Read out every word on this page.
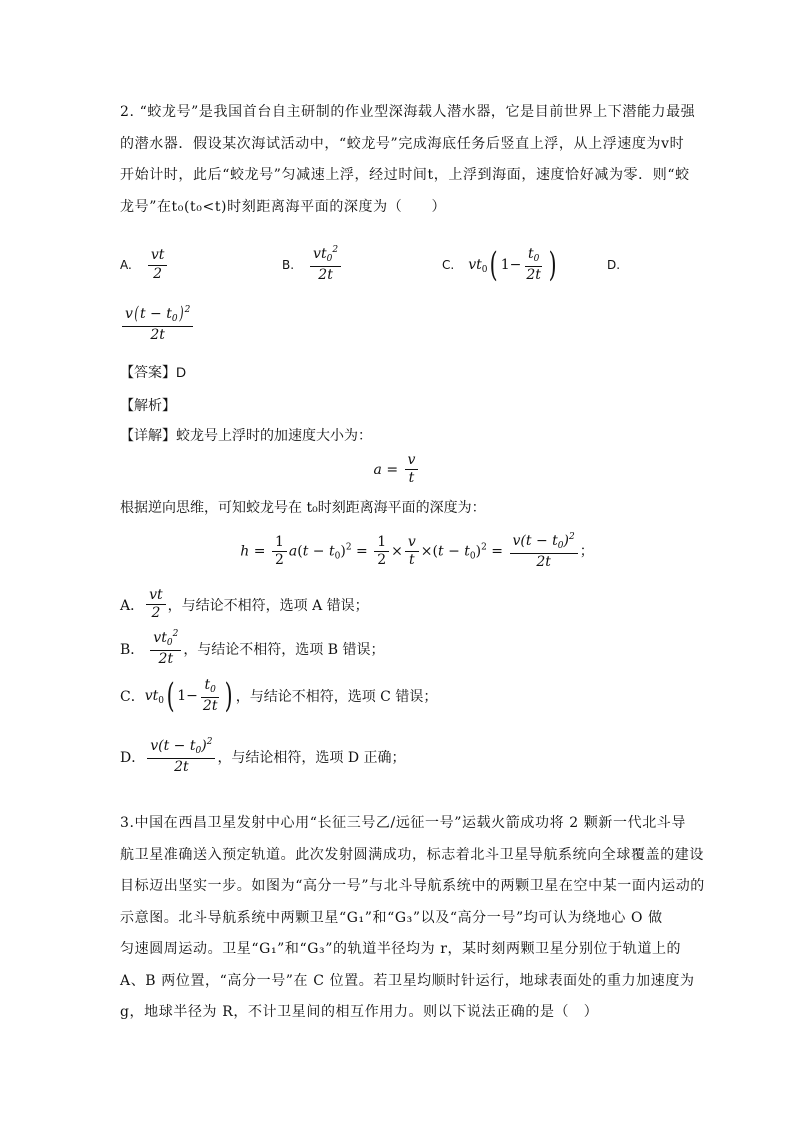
2. “蛟龙号”是我国首台自主研制的作业型深海载人潜水器，它是目前世界上下潜能力最强
的潜水器．假设某次海试活动中，“蛟龙号”完成海底任务后竖直上浮，从上浮速度为v时
开始计时，此后“蛟龙号”匀减速上浮，经过时间t，上浮到海面，速度恰好减为零．则“蛟
龙号”在t₀(t₀<t)时刻距离海平面的深度为（　　）
A. $\frac{vt}{2}$	B. $\frac{vt_0^2}{2t}$	C. $vt_0$( $1- \frac{t_0}{2t}$ )	D.
$\frac{v(t - t_0)^2}{2t}$
【答案】D
【解析】
【详解】蛟龙号上浮时的加速度大小为：
$a = \frac{v}{t}$
根据逆向思维，可知蛟龙号在 t₀时刻距离海平面的深度为：
$h = \frac{1}{2} a(t - t_0)^2 = \frac{1}{2} \times \frac{v}{t} \times(t - t_0)^2 = \frac{v(t - t_0)^2}{2t}$ ；
A． $\frac{vt}{2}$ ，与结论不相符，选项 A 错误；
B． $\frac{vt_0^2}{2t}$ ，与结论不相符，选项 B 错误；
C． $vt_0$( $1- \frac{t_0}{2t}$ ) ，与结论不相符，选项 C 错误；
D． $\frac{v(t - t_0)^2}{2t}$ ，与结论相符，选项 D 正确；
3.中国在西昌卫星发射中心用“长征三号乙/远征一号”运载火箭成功将 2 颗新一代北斗导
航卫星准确送入预定轨道。此次发射圆满成功，标志着北斗卫星导航系统向全球覆盖的建设
目标迈出坚实一步。如图为“高分一号”与北斗导航系统中的两颗卫星在空中某一面内运动的
示意图。北斗导航系统中两颗卫星“G₁”和“G₃”以及“高分一号”均可认为绕地心 O 做
匀速圆周运动。卫星“G₁”和“G₃”的轨道半径均为 r，某时刻两颗卫星分别位于轨道上的
A、B 两位置，“高分一号”在 C 位置。若卫星均顺时针运行，地球表面处的重力加速度为
g，地球半径为 R，不计卫星间的相互作用力。则以下说法正确的是（　）
